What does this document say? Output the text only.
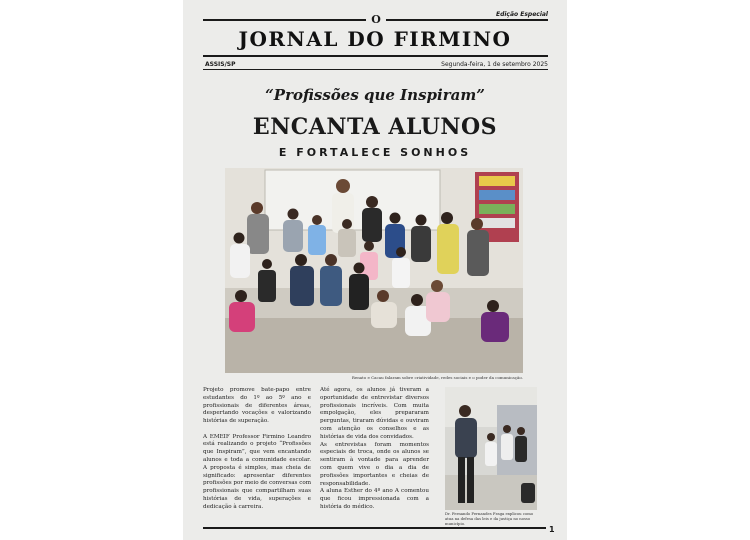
Edição Especial
O
JORNAL DO FIRMINO
ASSIS/SP	Segunda-feira, 1 de setembro 2025
“Profissões que Inspiram”
ENCANTA ALUNOS
E FORTALECE SONHOS
Renato e Cacau falaram sobre criatividade, redes sociais e o poder da comunicação.

Projeto promove bate-papo entre estudantes do 1º ao 5º ano e profissionais de diferentes áreas, despertando vocações e valorizando histórias de superação.

A EMEIF Professor Firmino Leandro está realizando o projeto “Profissões que Inspiram”, que vem encantando alunos e toda a comunidade escolar. A proposta é simples, mas cheia de significado: apresentar diferentes profissões por meio de conversas com profissionais que compartilham suas histórias de vida, superações e dedicação à carreira.

Até agora, os alunos já tiveram a oportunidade de entrevistar diversos profissionais incríveis. Com muita empolgação, eles prepararam perguntas, tiraram dúvidas e ouviram com atenção os conselhos e as histórias de vida dos convidados.

As entrevistas foram momentos especiais de troca, onde os alunos se sentiram à vontade para aprender com quem vive o dia a dia de profissões importantes e cheias de responsabilidade.

A aluna Esther do 4º ano A comentou que ficou impressionada com a história do médico.

Dr. Fernando Fernandes Fraga explicou como atua na defesa das leis e da justiça no nosso município.
1
